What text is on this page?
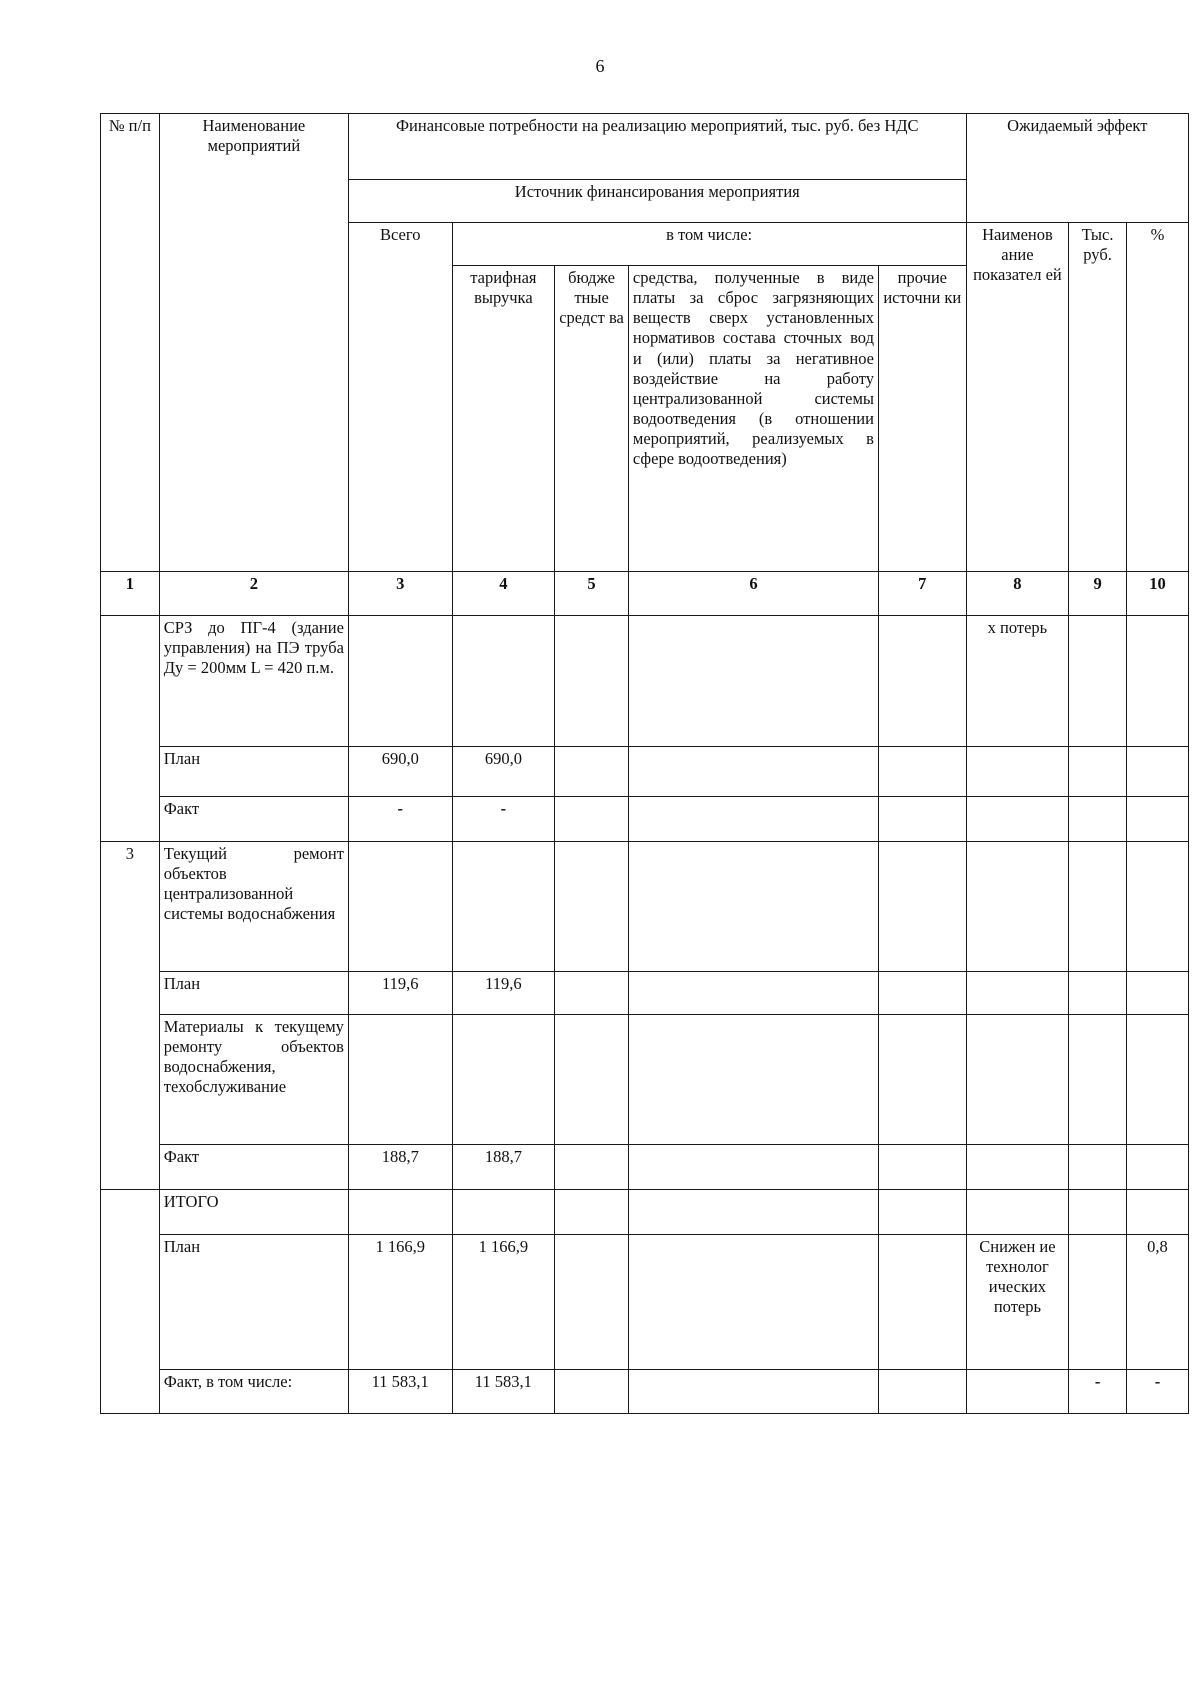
6
№ п/п	Наименование мероприятий	Финансовые потребности на реализацию мероприятий, тыс. руб. без НДС					Ожидаемый эффект		
		Источник финансирования мероприятия							
		Всего	в том числе:				Наименов ание показател ей	Тыс. руб.	%
			тарифная выручка	бюдже тные средст ва	средства, полученные в виде платы за сброс загрязняющих веществ сверх установленных нормативов состава сточных вод и (или) платы за негативное воздействие на работу централизованной системы водоотведения (в отношении мероприятий, реализуемых в сфере водоотведения)	прочие источни ки			
1	2	3	4	5	6	7	8	9	10
	СРЗ до ПГ-4 (здание управления) на ПЭ труба Ду = 200мм L = 420 п.м.						х потерь		
	План	690,0	690,0						
	Факт	-	-						
3	Текущий ремонт объектов централизованной системы водоснабжения								
	План	119,6	119,6						
	Материалы к текущему ремонту объектов водоснабжения, техобслуживание								
	Факт	188,7	188,7						
	ИТОГО								
	План	1 166,9	1 166,9				Снижен ие технолог ических потерь		0,8
	Факт, в том числе:	11 583,1	11 583,1					-	-
